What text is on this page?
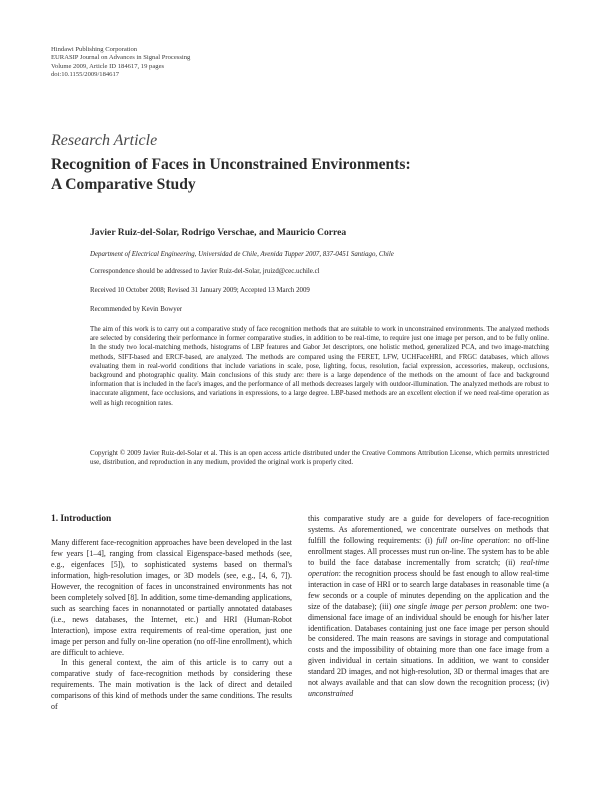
Hindawi Publishing Corporation
EURASIP Journal on Advances in Signal Processing
Volume 2009, Article ID 184617, 19 pages
doi:10.1155/2009/184617
Research Article
Recognition of Faces in Unconstrained Environments:
A Comparative Study
Javier Ruiz-del-Solar, Rodrigo Verschae, and Mauricio Correa
Department of Electrical Engineering, Universidad de Chile, Avenida Tupper 2007, 837-0451 Santiago, Chile
Correspondence should be addressed to Javier Ruiz-del-Solar, jruizd@cec.uchile.cl
Received 10 October 2008; Revised 31 January 2009; Accepted 13 March 2009
Recommended by Kevin Bowyer
The aim of this work is to carry out a comparative study of face recognition methods that are suitable to work in unconstrained environments. The analyzed methods are selected by considering their performance in former comparative studies, in addition to be real-time, to require just one image per person, and to be fully online. In the study two local-matching methods, histograms of LBP features and Gabor Jet descriptors, one holistic method, generalized PCA, and two image-matching methods, SIFT-based and ERCF-based, are analyzed. The methods are compared using the FERET, LFW, UCHFaceHRI, and FRGC databases, which allows evaluating them in real-world conditions that include variations in scale, pose, lighting, focus, resolution, facial expression, accessories, makeup, occlusions, background and photographic quality. Main conclusions of this study are: there is a large dependence of the methods on the amount of face and background information that is included in the face's images, and the performance of all methods decreases largely with outdoor-illumination. The analyzed methods are robust to inaccurate alignment, face occlusions, and variations in expressions, to a large degree. LBP-based methods are an excellent election if we need real-time operation as well as high recognition rates.
Copyright © 2009 Javier Ruiz-del-Solar et al. This is an open access article distributed under the Creative Commons Attribution License, which permits unrestricted use, distribution, and reproduction in any medium, provided the original work is properly cited.
1. Introduction

Many different face-recognition approaches have been developed in the last few years [1–4], ranging from classical Eigenspace-based methods (see, e.g., eigenfaces [5]), to sophisticated systems based on thermal's information, high-resolution images, or 3D models (see, e.g., [4, 6, 7]). However, the recognition of faces in unconstrained environments has not been completely solved [8]. In addition, some time-demanding applications, such as searching faces in nonannotated or partially annotated databases (i.e., news databases, the Internet, etc.) and HRI (Human-Robot Interaction), impose extra requirements of real-time operation, just one image per person and fully on-line operation (no off-line enrollment), which are difficult to achieve.

In this general context, the aim of this article is to carry out a comparative study of face-recognition methods by considering these requirements. The main motivation is the lack of direct and detailed comparisons of this kind of methods under the same conditions. The results of

this comparative study are a guide for developers of face-recognition systems. As aforementioned, we concentrate ourselves on methods that fulfill the following requirements: (i) full on-line operation: no off-line enrollment stages. All processes must run on-line. The system has to be able to build the face database incrementally from scratch; (ii) real-time operation: the recognition process should be fast enough to allow real-time interaction in case of HRI or to search large databases in reasonable time (a few seconds or a couple of minutes depending on the application and the size of the database); (iii) one single image per person problem: one two-dimensional face image of an individual should be enough for his/her later identification. Databases containing just one face image per person should be considered. The main reasons are savings in storage and computational costs and the impossibility of obtaining more than one face image from a given individual in certain situations. In addition, we want to consider standard 2D images, and not high-resolution, 3D or thermal images that are not always available and that can slow down the recognition process; (iv) unconstrained
